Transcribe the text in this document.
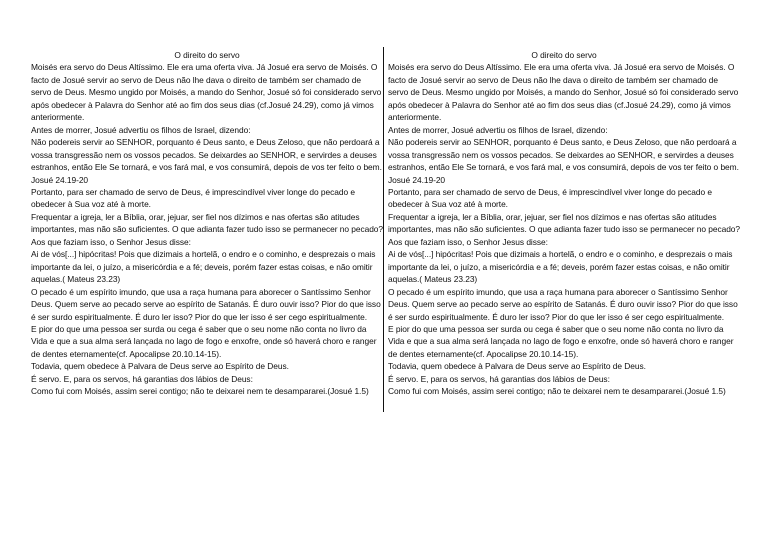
O direito do servo

Moisés era servo do Deus Altíssimo. Ele era uma oferta viva. Já Josué era servo de Moisés. O facto de Josué servir ao servo de Deus não lhe dava o direito de também ser chamado de servo de Deus. Mesmo ungido por Moisés, a mando do Senhor, Josué só foi considerado servo após obedecer à Palavra do Senhor até ao fim dos seus dias (cf.Josué 24.29), como já vimos anteriormente.

Antes de morrer, Josué advertiu os filhos de Israel, dizendo:

Não podereis servir ao SENHOR, porquanto é Deus santo, e Deus Zeloso, que não perdoará a vossa transgressão nem os vossos pecados. Se deixardes ao SENHOR, e servirdes a deuses estranhos, então Ele Se tornará, e vos fará mal, e vos consumirá, depois de vos ter feito o bem. Josué 24.19-20

Portanto, para ser chamado de servo de Deus, é imprescindível viver longe do pecado e obedecer à Sua voz até à morte.

Frequentar a igreja, ler a Bíblia, orar, jejuar, ser fiel nos dízimos e nas ofertas são atitudes importantes, mas não são suficientes. O que adianta fazer tudo isso se permanecer no pecado?

Aos que faziam isso, o Senhor Jesus disse:

Ai de vós[...] hipócritas! Pois que dizimais a hortelã, o endro e o cominho, e desprezais o mais importante da lei, o juízo, a misericórdia e a fé; deveis, porém fazer estas coisas, e não omitir aquelas.( Mateus 23.23)

O pecado é um espírito imundo, que usa a raça humana para aborecer o Santíssimo Senhor Deus. Quem serve ao pecado serve ao espírito de Satanás. É duro ouvir isso? Pior do que isso é ser surdo espiritualmente. É duro ler isso? Pior do que ler isso é ser cego espiritualmente.

E pior do que uma pessoa ser surda ou cega é saber que o seu nome não conta no livro da Vida e que a sua alma será lançada no lago de fogo e enxofre, onde só haverá choro e ranger de dentes eternamente(cf. Apocalipse 20.10.14-15).

Todavia, quem obedece à Palvara de Deus serve ao Espírito de Deus.

É servo. E, para os servos, há garantias dos lábios de Deus:

Como fui com Moisés, assim serei contigo; não te deixarei nem te desampararei.(Josué 1.5)

O direito do servo

Moisés era servo do Deus Altíssimo. Ele era uma oferta viva. Já Josué era servo de Moisés. O facto de Josué servir ao servo de Deus não lhe dava o direito de também ser chamado de servo de Deus. Mesmo ungido por Moisés, a mando do Senhor, Josué só foi considerado servo após obedecer à Palavra do Senhor até ao fim dos seus dias (cf.Josué 24.29), como já vimos anteriormente.

Antes de morrer, Josué advertiu os filhos de Israel, dizendo:

Não podereis servir ao SENHOR, porquanto é Deus santo, e Deus Zeloso, que não perdoará a vossa transgressão nem os vossos pecados. Se deixardes ao SENHOR, e servirdes a deuses estranhos, então Ele Se tornará, e vos fará mal, e vos consumirá, depois de vos ter feito o bem. Josué 24.19-20

Portanto, para ser chamado de servo de Deus, é imprescindível viver longe do pecado e obedecer à Sua voz até à morte.

Frequentar a igreja, ler a Bíblia, orar, jejuar, ser fiel nos dízimos e nas ofertas são atitudes importantes, mas não são suficientes. O que adianta fazer tudo isso se permanecer no pecado?

Aos que faziam isso, o Senhor Jesus disse:

Ai de vós[...] hipócritas! Pois que dizimais a hortelã, o endro e o cominho, e desprezais o mais importante da lei, o juízo, a misericórdia e a fé; deveis, porém fazer estas coisas, e não omitir aquelas.( Mateus 23.23)

O pecado é um espírito imundo, que usa a raça humana para aborecer o Santíssimo Senhor Deus. Quem serve ao pecado serve ao espírito de Satanás. É duro ouvir isso? Pior do que isso é ser surdo espiritualmente. É duro ler isso? Pior do que ler isso é ser cego espiritualmente.

E pior do que uma pessoa ser surda ou cega é saber que o seu nome não conta no livro da Vida e que a sua alma será lançada no lago de fogo e enxofre, onde só haverá choro e ranger de dentes eternamente(cf. Apocalipse 20.10.14-15).

Todavia, quem obedece à Palvara de Deus serve ao Espírito de Deus.

É servo. E, para os servos, há garantias dos lábios de Deus:

Como fui com Moisés, assim serei contigo; não te deixarei nem te desampararei.(Josué 1.5)
